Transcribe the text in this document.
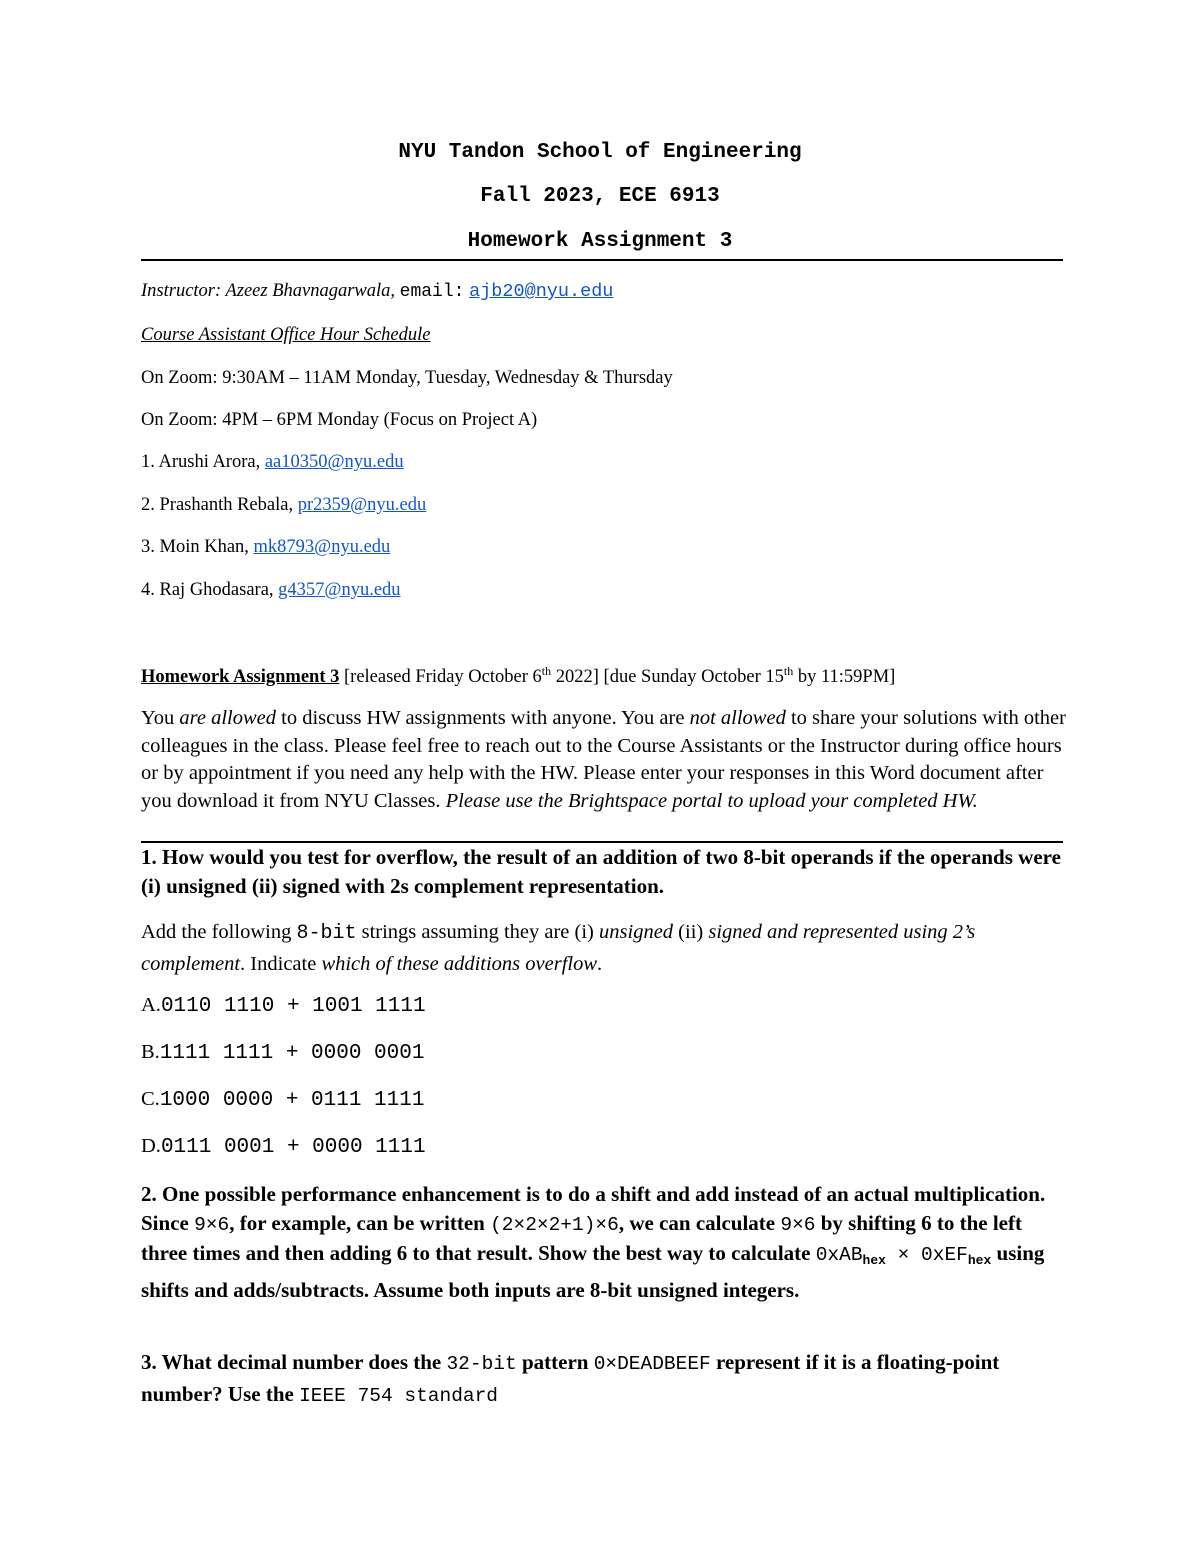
NYU Tandon School of Engineering
Fall 2023, ECE 6913
Homework Assignment 3
Instructor: Azeez Bhavnagarwala, email: ajb20@nyu.edu
Course Assistant Office Hour Schedule
On Zoom: 9:30AM – 11AM Monday, Tuesday, Wednesday & Thursday
On Zoom: 4PM – 6PM Monday (Focus on Project A)
1. Arushi Arora, aa10350@nyu.edu
2. Prashanth Rebala, pr2359@nyu.edu
3. Moin Khan, mk8793@nyu.edu
4. Raj Ghodasara, g4357@nyu.edu
Homework Assignment 3 [released Friday October 6th 2022] [due Sunday October 15th by 11:59PM]
You are allowed to discuss HW assignments with anyone. You are not allowed to share your solutions with other colleagues in the class. Please feel free to reach out to the Course Assistants or the Instructor during office hours or by appointment if you need any help with the HW. Please enter your responses in this Word document after you download it from NYU Classes. Please use the Brightspace portal to upload your completed HW.
1. How would you test for overflow, the result of an addition of two 8-bit operands if the operands were (i) unsigned (ii) signed with 2s complement representation.
Add the following 8-bit strings assuming they are (i) unsigned (ii) signed and represented using 2’s complement. Indicate which of these additions overflow.
A.0110 1110 + 1001 1111
B.1111 1111 + 0000 0001
C.1000 0000 + 0111 1111
D.0111 0001 + 0000 1111
2. One possible performance enhancement is to do a shift and add instead of an actual multiplication. Since 9×6, for example, can be written (2×2×2+1)×6, we can calculate 9×6 by shifting 6 to the left three times and then adding 6 to that result. Show the best way to calculate 0xAB$_{hex}$ × 0xEF$_{hex}$ using shifts and adds/subtracts. Assume both inputs are 8-bit unsigned integers.
3. What decimal number does the 32-bit pattern 0×DEADBEEF represent if it is a floating-point number? Use the IEEE 754 standard
